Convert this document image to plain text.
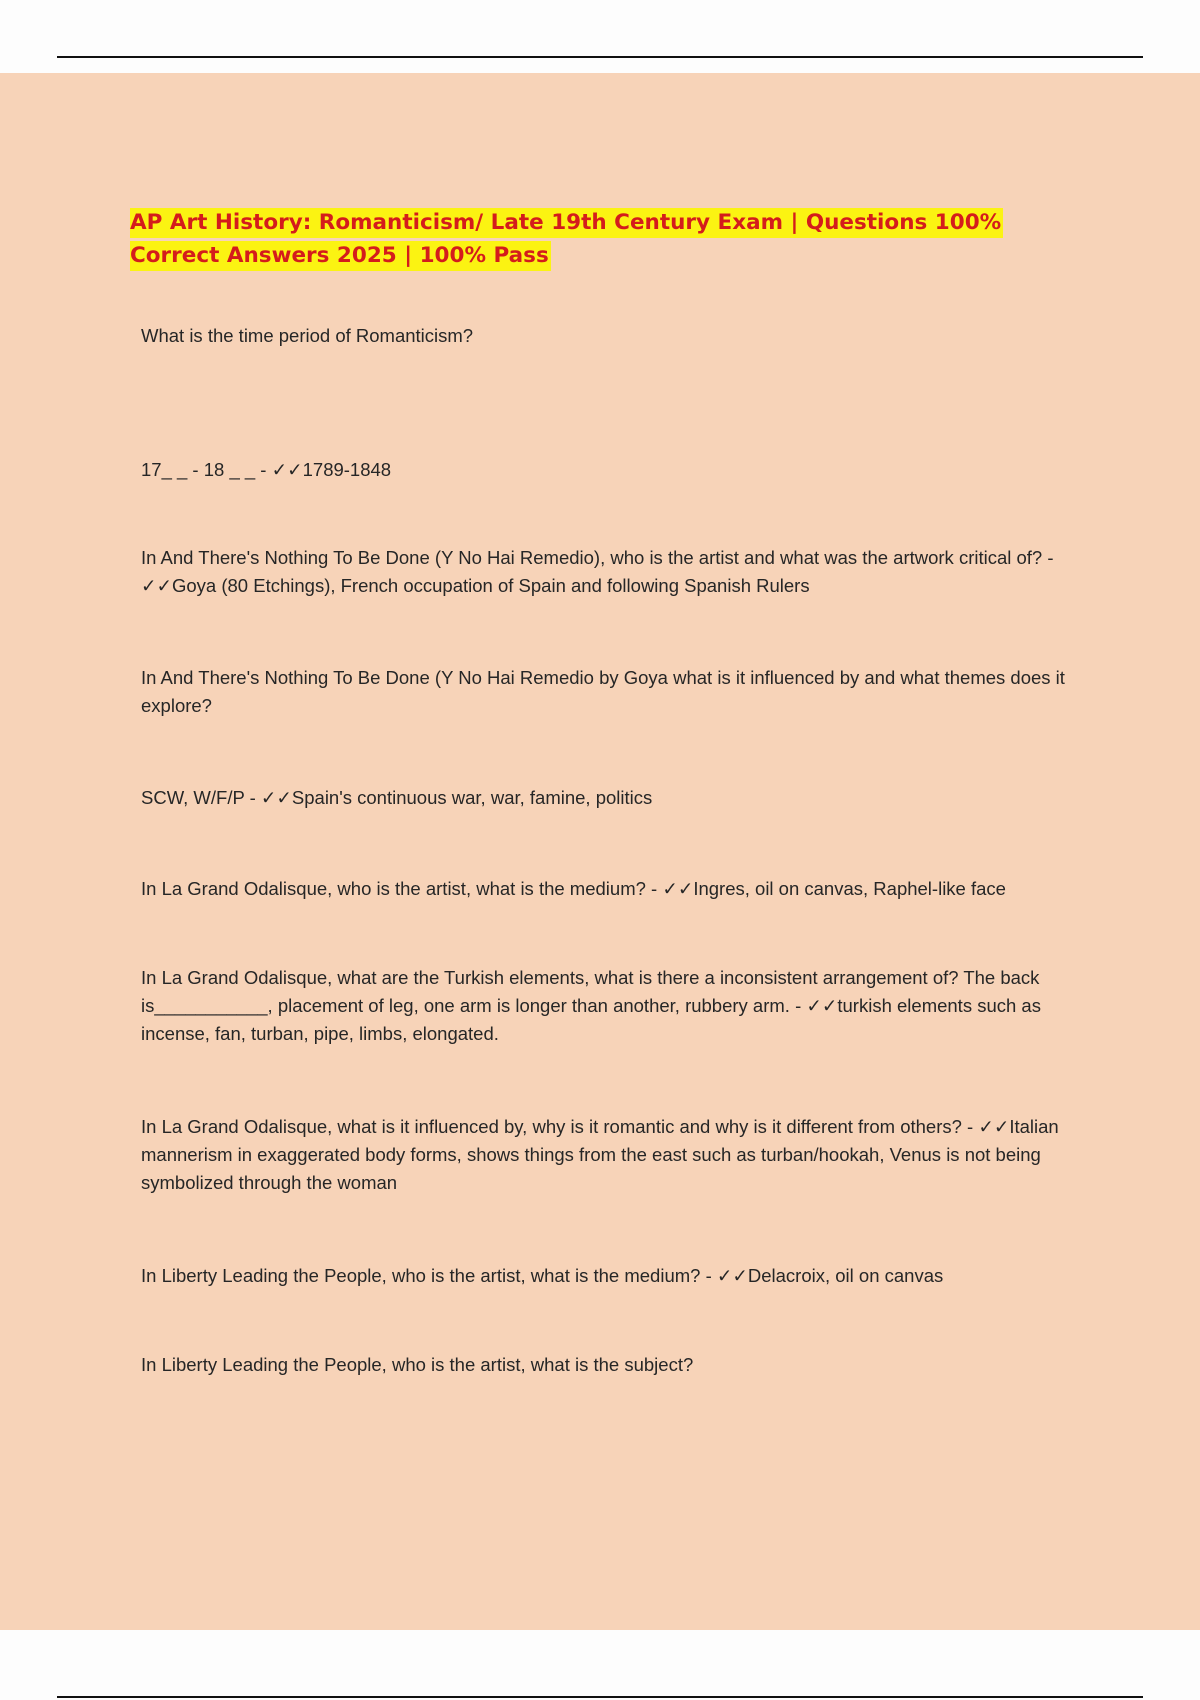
AP Art History: Romanticism/ Late 19th Century Exam | Questions 100% Correct Answers 2025 | 100% Pass

What is the time period of Romanticism?

17_ _ - 18 _ _ - ✓✓1789-1848

In And There's Nothing To Be Done (Y No Hai Remedio), who is the artist and what was the artwork critical of? - ✓✓Goya (80 Etchings), French occupation of Spain and following Spanish Rulers

In And There's Nothing To Be Done (Y No Hai Remedio by Goya what is it influenced by and what themes does it explore?

SCW, W/F/P - ✓✓Spain's continuous war, war, famine, politics

In La Grand Odalisque, who is the artist, what is the medium? - ✓✓Ingres, oil on canvas, Raphel-like face

In La Grand Odalisque, what are the Turkish elements, what is there a inconsistent arrangement of? The back is___________, placement of leg, one arm is longer than another, rubbery arm. - ✓✓turkish elements such as incense, fan, turban, pipe, limbs, elongated.

In La Grand Odalisque, what is it influenced by, why is it romantic and why is it different from others? - ✓✓Italian mannerism in exaggerated body forms, shows things from the east such as turban/hookah, Venus is not being symbolized through the woman

In Liberty Leading the People, who is the artist, what is the medium? - ✓✓Delacroix, oil on canvas

In Liberty Leading the People, who is the artist, what is the subject?
